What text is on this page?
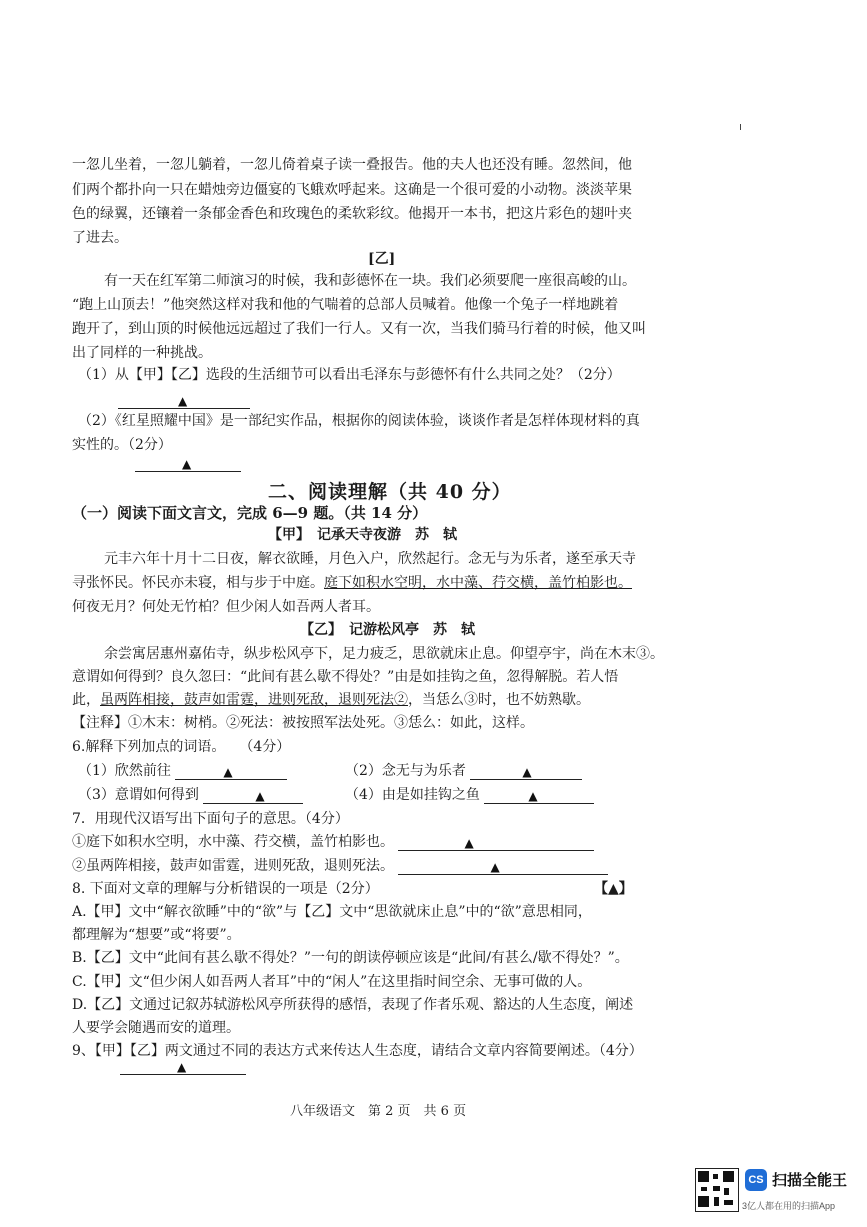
一忽儿坐着，一忽儿躺着，一忽儿倚着桌子读一叠报告。他的夫人也还没有睡。忽然间，他
们两个都扑向一只在蜡烛旁边僵宴的飞蛾欢呼起来。这确是一个很可爱的小动物。淡淡苹果
色的绿翼，还镶着一条郁金香色和玫瑰色的柔软彩纹。他揭开一本书，把这片彩色的翅叶夹
了进去。
[乙]
有一天在红军第二师演习的时候，我和彭德怀在一块。我们必须要爬一座很高峻的山。
“跑上山顶去！”他突然这样对我和他的气喘着的总部人员喊着。他像一个兔子一样地跳着
跑开了，到山顶的时候他远远超过了我们一行人。又有一次，当我们骑马行着的时候，他又叫
出了同样的一种挑战。
（1）从【甲】【乙】选段的生活细节可以看出毛泽东与彭德怀有什么共同之处？（2分）
▲
（2）《红星照耀中国》是一部纪实作品，根据你的阅读体验，谈谈作者是怎样体现材料的真
实性的。（2分）
▲
二、阅读理解（共 40 分）
（一）阅读下面文言文，完成 6—9 题。（共 14 分）
【甲】　记承天寺夜游　苏　轼
元丰六年十月十二日夜，解衣欲睡，月色入户，欣然起行。念无与为乐者，遂至承天寺
寻张怀民。怀民亦未寝，相与步于中庭。庭下如积水空明，水中藻、荇交横，盖竹柏影也。
何夜无月？何处无竹柏？但少闲人如吾两人者耳。
【乙】　记游松风亭　苏　轼
余尝寓居惠州嘉佑寺，纵步松风亭下，足力疲乏，思欲就床止息。仰望亭宇，尚在木末③。
意谓如何得到？良久忽曰：“此间有甚么歇不得处？”由是如挂钩之鱼，忽得解脱。若人悟
此，虽两阵相接，鼓声如雷霆，进则死敌，退则死法②，当恁么③时，也不妨熟歇。
【注释】①木末：树梢。②死法：被按照军法处死。③恁么：如此，这样。
6.解释下列加点的词语。　　（4分）
（1）欣然前往	▲	（2）念无与为乐者	▲
（3）意谓如何得到	▲	（4）由是如挂钩之鱼	▲
7．用现代汉语写出下面句子的意思。（4分）
①庭下如积水空明，水中藻、荇交横，盖竹柏影也。	▲
②虽两阵相接，鼓声如雷霆，进则死敌，退则死法。	▲
8. 下面对文章的理解与分析错误的一项是（2分）	【▲】
A.【甲】文中“解衣欲睡”中的“欲”与【乙】文中“思欲就床止息”中的“欲”意思相同，
都理解为“想要”或“将要”。
B.【乙】文中“此间有甚么歇不得处？”一句的朗读停顿应该是“此间/有甚么/歇不得处？”。
C.【甲】文“但少闲人如吾两人者耳”中的“闲人”在这里指时间空余、无事可做的人。
D.【乙】文通过记叙苏轼游松风亭所获得的感悟，表现了作者乐观、豁达的人生态度，阐述
人要学会随遇而安的道理。
9、【甲】【乙】两文通过不同的表达方式来传达人生态度，请结合文章内容简要阐述。（4分）
▲
八年级语文　第 2 页　共 6 页
CS 扫描全能王
3亿人都在用的扫描App
